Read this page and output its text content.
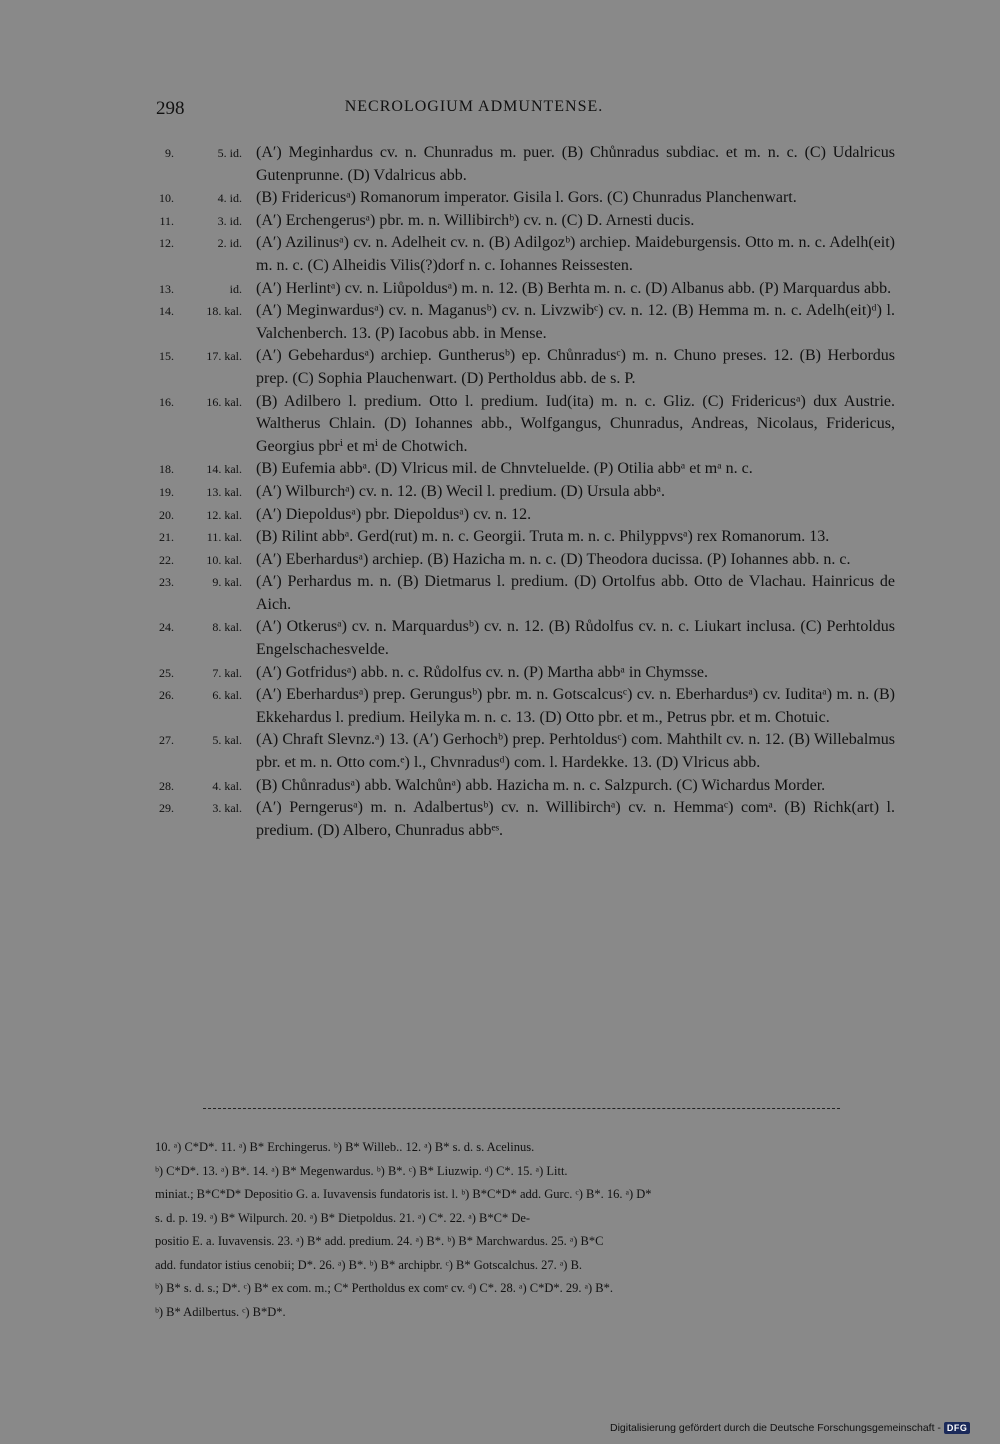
298	NECROLOGIUM ADMUNTENSE.
9.	5. id. (A′) Meginhardus cv. n. Chunradus m. puer. (B) Chůnradus subdiac. et m. n. c. (C) Udalricus Gutenprunne. (D) Vdalricus abb.
10.	4. id. (B) Fridericusᵃ) Romanorum imperator. Gisila l. Gors. (C) Chunradus Planchenwart.
11.	3. id. (A′) Erchengerusᵃ) pbr. m. n. Willibirchᵇ) cv. n. (C) D. Arnesti ducis.
12.	2. id. (A′) Azilinusᵃ) cv. n. Adelheit cv. n. (B) Adilgozᵇ) archiep. Maideburgensis. Otto m. n. c. Adelh(eit) m. n. c. (C) Alheidis Vilis(?)dorf n. c. Iohannes Reissesten.
13.	id. (A′) Herlintᵃ) cv. n. Liůpoldusᵃ) m. n. 12. (B) Berhta m. n. c. (D) Albanus abb. (P) Marquardus abb.
14.	18. kal. (A′) Meginwardusᵃ) cv. n. Maganusᵇ) cv. n. Livzwibᶜ) cv. n. 12. (B) Hemma m. n. c. Adelh(eit)ᵈ) l. Valchenberch. 13. (P) Iacobus abb. in Mense.
15.	17. kal. (A′) Gebehardusᵃ) archiep. Guntherusᵇ) ep. Chůnradusᶜ) m. n. Chuno preses. 12. (B) Herbordus prep. (C) Sophia Plauchenwart. (D) Pertholdus abb. de s. P.
16.	16. kal. (B) Adilbero l. predium. Otto l. predium. Iud(ita) m. n. c. Gliz. (C) Fridericusᵃ) dux Austrie. Waltherus Chlain. (D) Iohannes abb., Wolfgangus, Chunradus, Andreas, Nicolaus, Fridericus, Georgius pbrⁱ et mⁱ de Chotwich.
18.	14. kal. (B) Eufemia abbᵃ. (D) Vlricus mil. de Chnvteluelde. (P) Otilia abbᵃ et mᵃ n. c.
19.	13. kal. (A′) Wilburchᵃ) cv. n. 12. (B) Wecil l. predium. (D) Ursula abbᵃ.
20.	12. kal. (A′) Diepoldusᵃ) pbr. Diepoldusᵃ) cv. n. 12.
21.	11. kal. (B) Rilint abbᵃ. Gerd(rut) m. n. c. Georgii. Truta m. n. c. Philyppvsᵃ) rex Romanorum. 13.
22.	10. kal. (A′) Eberhardusᵃ) archiep. (B) Hazicha m. n. c. (D) Theodora ducissa. (P) Iohannes abb. n. c.
23.	9. kal. (A′) Perhardus m. n. (B) Dietmarus l. predium. (D) Ortolfus abb. Otto de Vlachau. Hainricus de Aich.
24.	8. kal. (A′) Otkerusᵃ) cv. n. Marquardusᵇ) cv. n. 12. (B) Růdolfus cv. n. c. Liukart inclusa. (C) Perhtoldus Engelschachesvelde.
25.	7. kal. (A′) Gotfridusᵃ) abb. n. c. Růdolfus cv. n. (P) Martha abbᵃ in Chymsse.
26.	6. kal. (A′) Eberhardusᵃ) prep. Gerungusᵇ) pbr. m. n. Gotscalcusᶜ) cv. n. Eberhardusᵃ) cv. Iuditaᵃ) m. n. (B) Ekkehardus l. predium. Heilyka m. n. c. 13. (D) Otto pbr. et m., Petrus pbr. et m. Chotuic.
27.	5. kal. (A) Chraft Slevnz.ᵃ) 13. (A′) Gerhochᵇ) prep. Perhtoldusᶜ) com. Mahthilt cv. n. 12. (B) Willebalmus pbr. et m. n. Otto com.ᵉ) l., Chvnradusᵈ) com. l. Hardekke. 13. (D) Vlricus abb.
28.	4. kal. (B) Chůnradusᵃ) abb. Walchůnᵃ) abb. Hazicha m. n. c. Salzpurch. (C) Wichardus Morder.
29.	3. kal. (A′) Perngerusᵃ) m. n. Adalbertusᵇ) cv. n. Willibirchᵃ) cv. n. Hemmaᶜ) comᵃ. (B) Richk(art) l. predium. (D) Albero, Chunradus abbᵉˢ.
10. ᵃ) C*D*. 11. ᵃ) B* Erchingerus. ᵇ) B* Willeb.. 12. ᵃ) B* s. d. s. Acelinus.
ᵇ) C*D*. 13. ᵃ) B*. 14. ᵃ) B* Megenwardus. ᵇ) B*. ᶜ) B* Liuzwip. ᵈ) C*. 15. ᵃ) Litt.
miniat.; B*C*D* Depositio G. a. Iuvavensis fundatoris ist. l. ᵇ) B*C*D* add. Gurc. ᶜ) B*. 16. ᵃ) D*
s. d. p. 19. ᵃ) B* Wilpurch. 20. ᵃ) B* Dietpoldus. 21. ᵃ) C*. 22. ᵃ) B*C* De-
positio E. a. Iuvavensis. 23. ᵃ) B* add. predium. 24. ᵃ) B*. ᵇ) B* Marchwardus. 25. ᵃ) B*C
add. fundator istius cenobii; D*. 26. ᵃ) B*. ᵇ) B* archipbr. ᶜ) B* Gotscalchus. 27. ᵃ) B.
ᵇ) B* s. d. s.; D*. ᶜ) B* ex com. m.; C* Pertholdus ex comᵉ cv. ᵈ) C*. 28. ᵃ) C*D*. 29. ᵃ) B*.
ᵇ) B* Adilbertus. ᶜ) B*D*.
Digitalisierung gefördert durch die Deutsche Forschungsgemeinschaft - DFG
